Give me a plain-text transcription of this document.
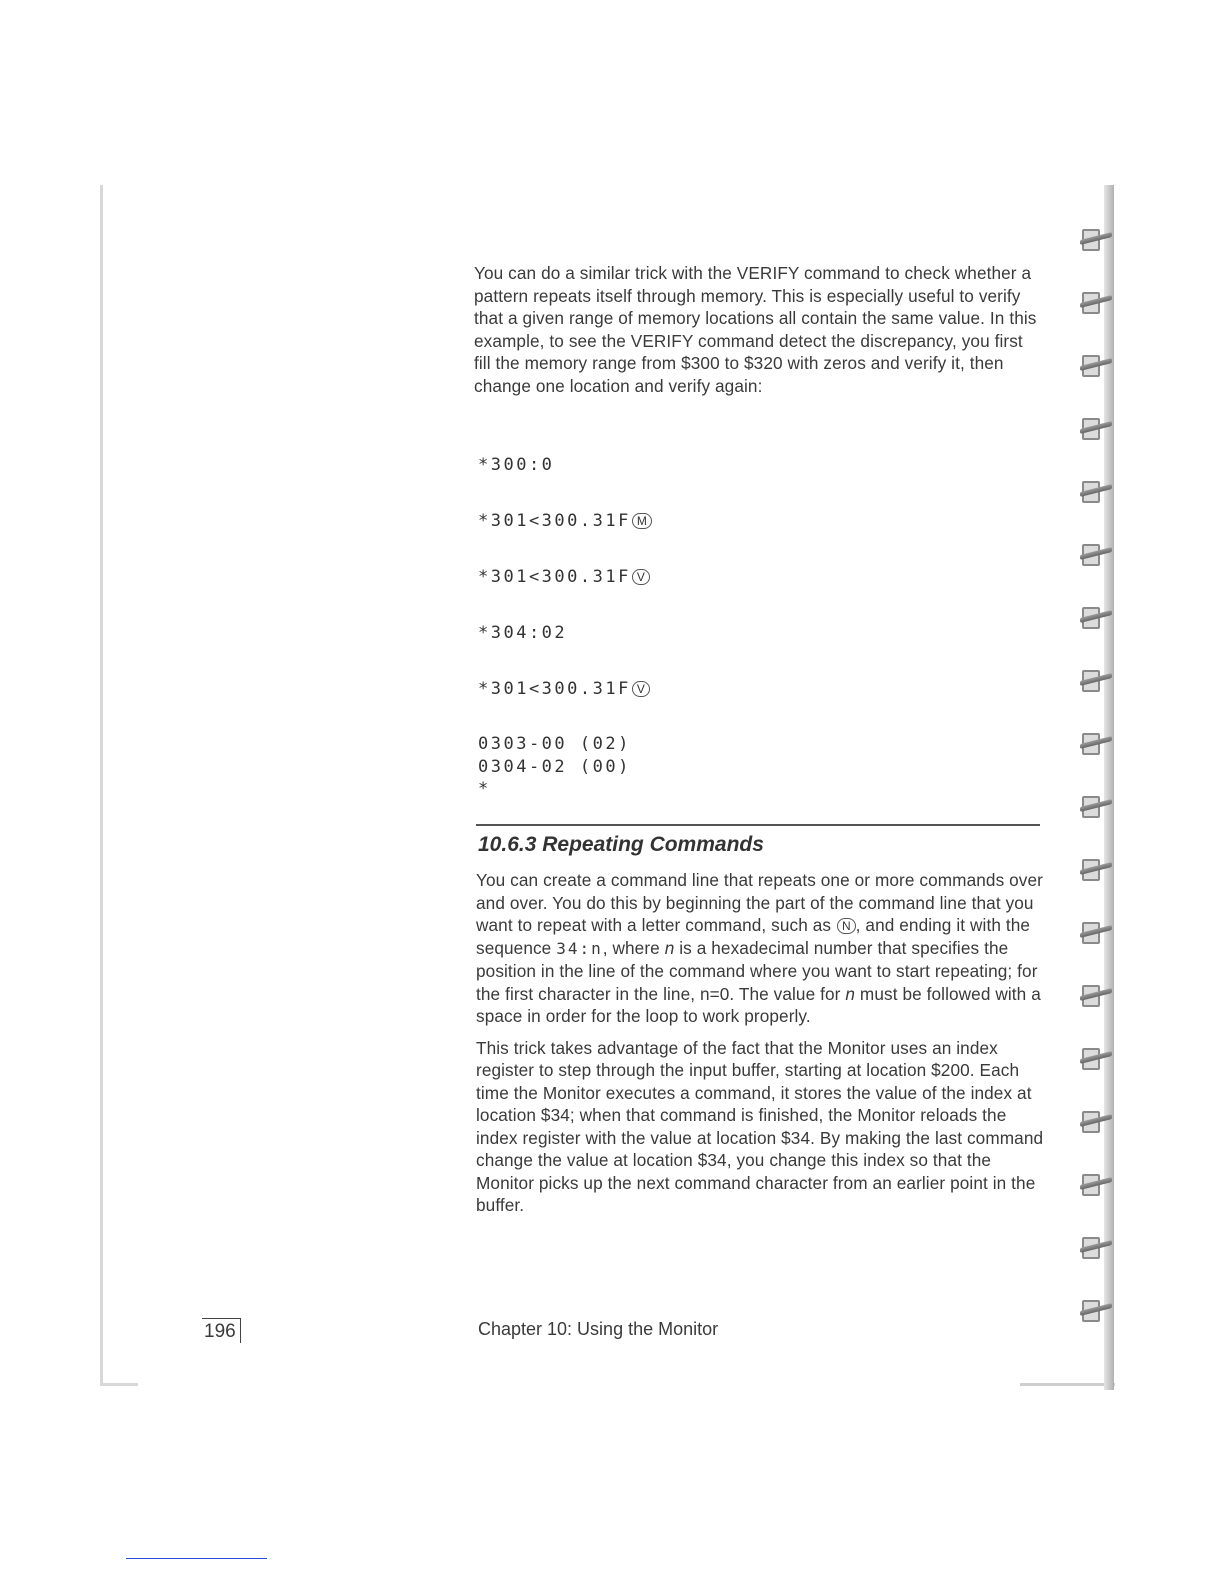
You can do a similar trick with the VERIFY command to check whether a pattern repeats itself through memory. This is especially useful to verify that a given range of memory locations all contain the same value. In this example, to see the VERIFY command detect the discrepancy, you first fill the memory range from $300 to $320 with zeros and verify it, then change one location and verify again:

*300:0
*301<300.31F M
*301<300.31F V
*304:02
*301<300.31F V
0303-00 (02)
0304-02 (00)
*
10.6.3 Repeating Commands

You can create a command line that repeats one or more commands over and over. You do this by beginning the part of the command line that you want to repeat with a letter command, such as N , and ending it with the sequence 34:n, where n is a hexadecimal number that specifies the position in the line of the command where you want to start repeating; for the first character in the line, n=0. The value for n must be followed with a space in order for the loop to work properly.

This trick takes advantage of the fact that the Monitor uses an index register to step through the input buffer, starting at location $200. Each time the Monitor executes a command, it stores the value of the index at location $34; when that command is finished, the Monitor reloads the index register with the value at location $34. By making the last command change the value at location $34, you change this index so that the Monitor picks up the next command character from an earlier point in the buffer.

196	Chapter 10: Using the Monitor
